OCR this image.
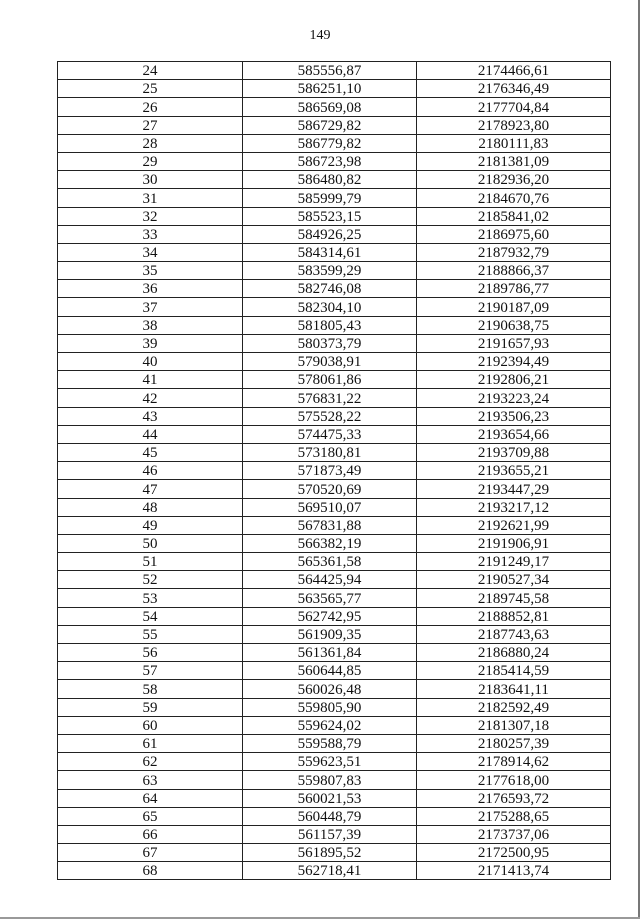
149
24	585556,87	2174466,61
25	586251,10	2176346,49
26	586569,08	2177704,84
27	586729,82	2178923,80
28	586779,82	2180111,83
29	586723,98	2181381,09
30	586480,82	2182936,20
31	585999,79	2184670,76
32	585523,15	2185841,02
33	584926,25	2186975,60
34	584314,61	2187932,79
35	583599,29	2188866,37
36	582746,08	2189786,77
37	582304,10	2190187,09
38	581805,43	2190638,75
39	580373,79	2191657,93
40	579038,91	2192394,49
41	578061,86	2192806,21
42	576831,22	2193223,24
43	575528,22	2193506,23
44	574475,33	2193654,66
45	573180,81	2193709,88
46	571873,49	2193655,21
47	570520,69	2193447,29
48	569510,07	2193217,12
49	567831,88	2192621,99
50	566382,19	2191906,91
51	565361,58	2191249,17
52	564425,94	2190527,34
53	563565,77	2189745,58
54	562742,95	2188852,81
55	561909,35	2187743,63
56	561361,84	2186880,24
57	560644,85	2185414,59
58	560026,48	2183641,11
59	559805,90	2182592,49
60	559624,02	2181307,18
61	559588,79	2180257,39
62	559623,51	2178914,62
63	559807,83	2177618,00
64	560021,53	2176593,72
65	560448,79	2175288,65
66	561157,39	2173737,06
67	561895,52	2172500,95
68	562718,41	2171413,74
